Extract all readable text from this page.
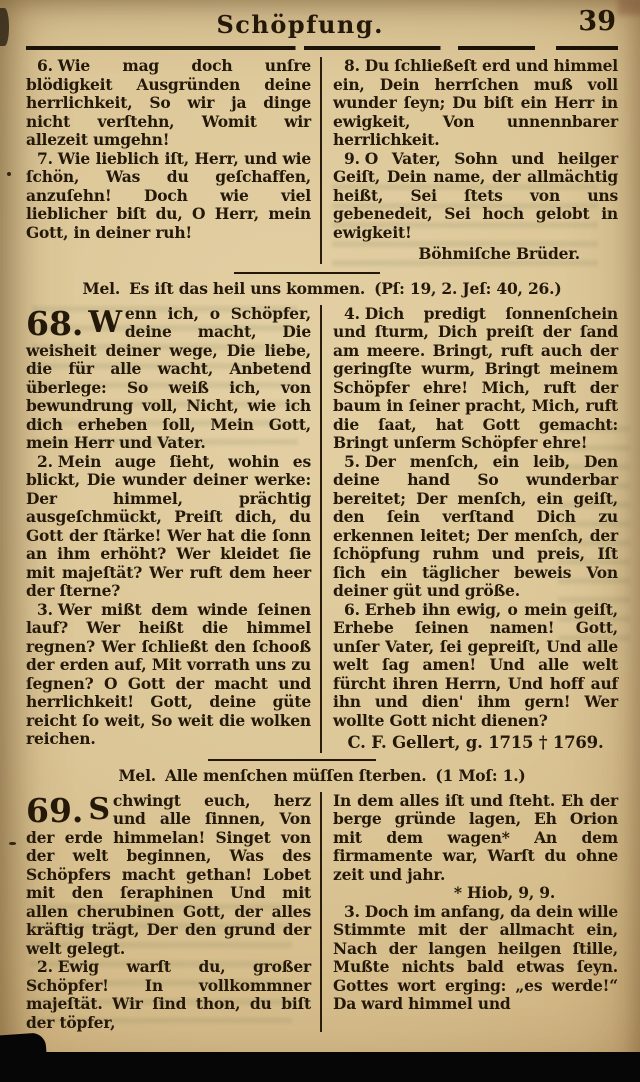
Schöpfung.	39

6. Wie mag doch unſre blödigkeit Ausgründen deine herrlichkeit, So wir ja dinge nicht verſtehn, Womit wir allezeit umgehn!

7. Wie lieblich iſt, Herr, und wie ſchön, Was du geſchaffen, anzuſehn! Doch wie viel lieblicher biſt du, O Herr, mein Gott, in deiner ruh!

8. Du ſchließeſt erd und himmel ein, Dein herrſchen muß voll wunder ſeyn; Du biſt ein Herr in ewigkeit, Von unnennbarer herrlichkeit.

9. O Vater, Sohn und heilger Geiſt, Dein name, der allmächtig heißt, Sei ſtets von uns gebenedeit, Sei hoch gelobt in ewigkeit!

Böhmiſche Brüder.

Mel. Es iſt das heil uns kommen. (Pſ: 19, 2. Jeſ: 40, 26.)

68. W enn ich, o Schöpfer, deine macht, Die weisheit deiner wege, Die liebe, die für alle wacht, Anbetend überlege: So weiß ich, von bewundrung voll, Nicht, wie ich dich erheben ſoll, Mein Gott, mein Herr und Vater.

2. Mein auge ſieht, wohin es blickt, Die wunder deiner werke: Der himmel, prächtig ausgeſchmückt, Preiſt dich, du Gott der ſtärke! Wer hat die ſonn an ihm erhöht? Wer kleidet ſie mit majeſtät? Wer ruft dem heer der ſterne?

3. Wer mißt dem winde ſeinen lauf? Wer heißt die himmel regnen? Wer ſchließt den ſchooß der erden auf, Mit vorrath uns zu ſegnen? O Gott der macht und herrlichkeit! Gott, deine güte reicht ſo weit, So weit die wolken reichen.

4. Dich predigt ſonnenſchein und ſturm, Dich preiſt der ſand am meere. Bringt, ruft auch der geringſte wurm, Bringt meinem Schöpfer ehre! Mich, ruft der baum in ſeiner pracht, Mich, ruft die ſaat, hat Gott gemacht: Bringt unſerm Schöpfer ehre!

5. Der menſch, ein leib, Den deine hand So wunderbar bereitet; Der menſch, ein geiſt, den ſein verſtand Dich zu erkennen leitet; Der menſch, der ſchöpfung ruhm und preis, Iſt ſich ein täglicher beweis Von deiner güt und größe.

6. Erheb ihn ewig, o mein geiſt, Erhebe ſeinen namen! Gott, unſer Vater, ſei gepreiſt, Und alle welt ſag amen! Und alle welt fürcht ihren Herrn, Und hoff auf ihn und dien' ihm gern! Wer wollte Gott nicht dienen?

C. F. Gellert, g. 1715 † 1769.

Mel. Alle menſchen müſſen ſterben. (1 Moſ: 1.)

69. S chwingt euch, herz und alle ſinnen, Von der erde himmelan! Singet von der welt beginnen, Was des Schöpfers macht gethan! Lobet mit den ſeraphinen Und mit allen cherubinen Gott, der alles kräftig trägt, Der den grund der welt gelegt.

2. Ewig warſt du, großer Schöpfer! In vollkommner majeſtät. Wir ſind thon, du biſt der töpfer,

In dem alles iſt und ſteht. Eh der berge gründe lagen, Eh Orion mit dem wagen* An dem firmamente war, Warſt du ohne zeit und jahr.

* Hiob, 9, 9.

3. Doch im anfang, da dein wille Stimmte mit der allmacht ein, Nach der langen heilgen ſtille, Mußte nichts bald etwas ſeyn. Gottes wort erging: „es werde!“ Da ward himmel und
